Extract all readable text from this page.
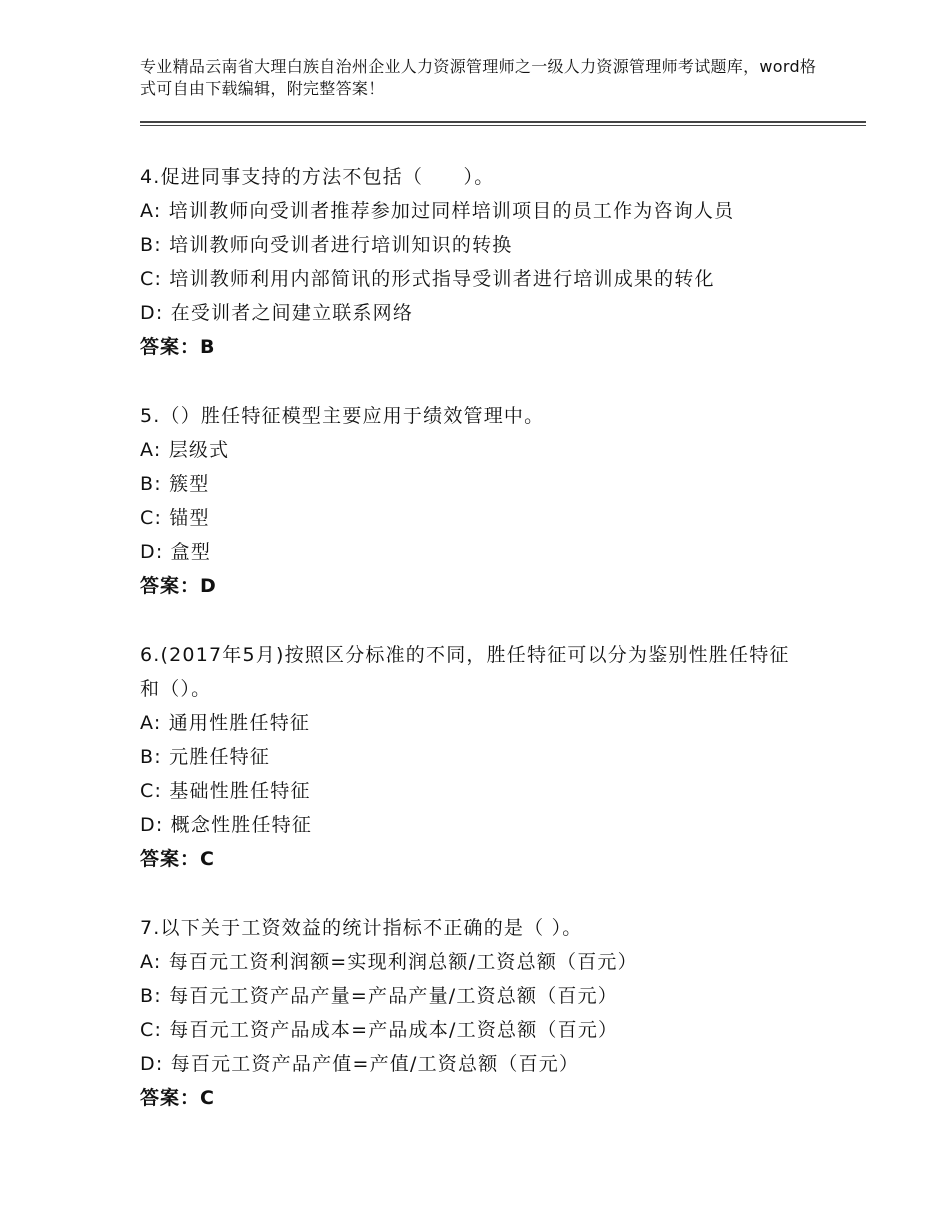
专业精品云南省大理白族自治州企业人力资源管理师之一级人力资源管理师考试题库，word格式可自由下载编辑，附完整答案！
4.促进同事支持的方法不包括（　　）。
A: 培训教师向受训者推荐参加过同样培训项目的员工作为咨询人员
B: 培训教师向受训者进行培训知识的转换
C: 培训教师利用内部简讯的形式指导受训者进行培训成果的转化
D: 在受训者之间建立联系网络
答案：B
5.（）胜任特征模型主要应用于绩效管理中。
A: 层级式
B: 簇型
C: 锚型
D: 盒型
答案：D
6.(2017年5月)按照区分标准的不同，胜任特征可以分为鉴别性胜任特征和（）。
A: 通用性胜任特征
B: 元胜任特征
C: 基础性胜任特征
D: 概念性胜任特征
答案：C
7.以下关于工资效益的统计指标不正确的是（ ）。
A: 每百元工资利润额=实现利润总额/工资总额（百元）
B: 每百元工资产品产量=产品产量/工资总额（百元）
C: 每百元工资产品成本=产品成本/工资总额（百元）
D: 每百元工资产品产值=产值/工资总额（百元）
答案：C
